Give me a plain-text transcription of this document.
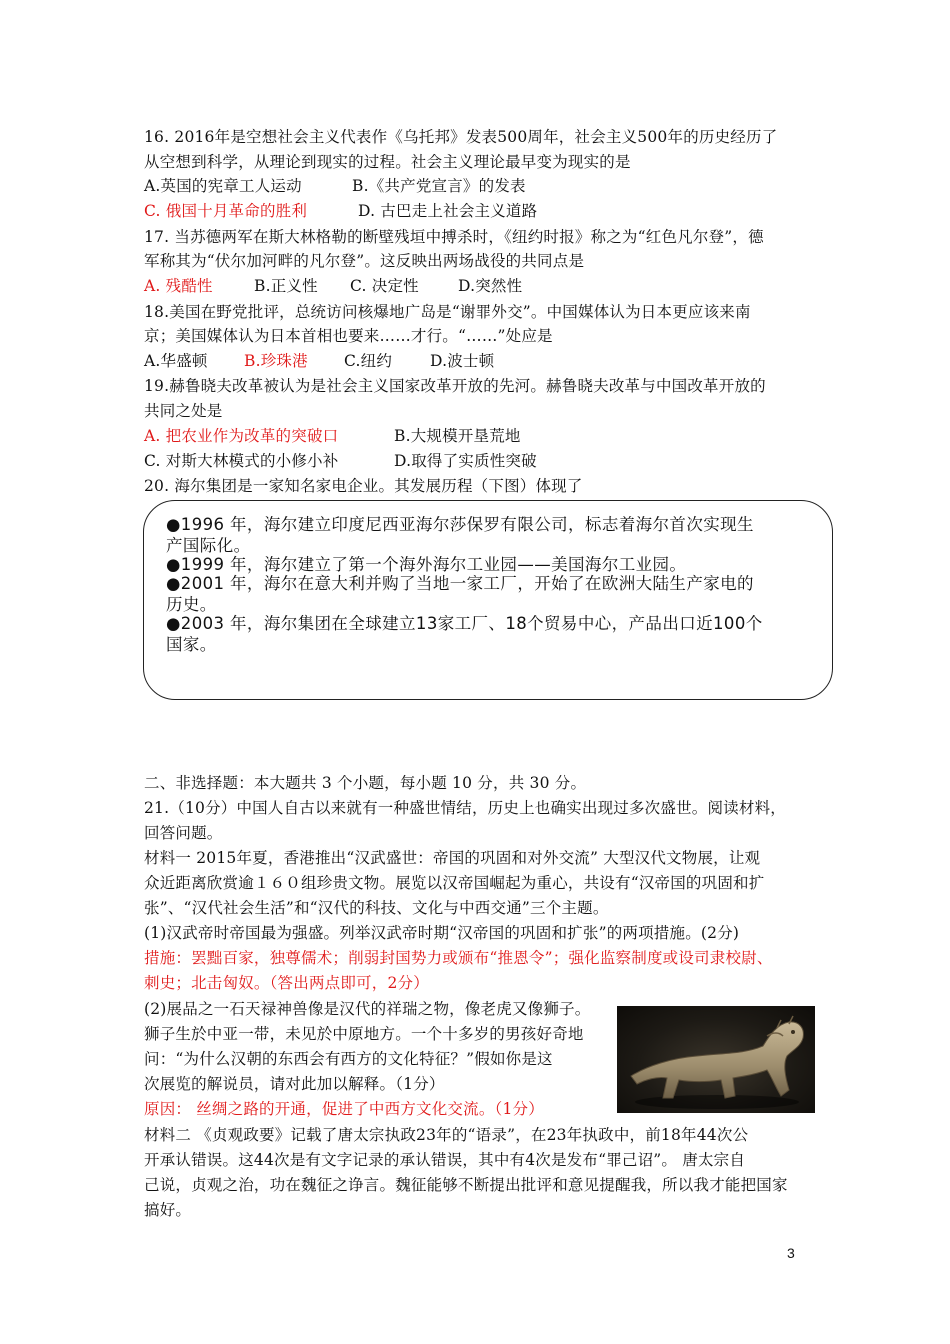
16. 2016年是空想社会主义代表作《乌托邦》发表500周年，社会主义500年的历史经历了
从空想到科学，从理论到现实的过程。社会主义理论最早变为现实的是
A.英国的宪章工人运动	B.《共产党宣言》的发表
C. 俄国十月革命的胜利	D. 古巴走上社会主义道路
17. 当苏德两军在斯大林格勒的断壁残垣中搏杀时，《纽约时报》称之为“红色凡尔登”，德
军称其为“伏尔加河畔的凡尔登”。这反映出两场战役的共同点是
A. 残酷性	B.正义性 C. 决定性	D.突然性
18.美国在野党批评，总统访问核爆地广岛是“谢罪外交”。中国媒体认为日本更应该来南
京；美国媒体认为日本首相也要来……才行。“……”处应是
A.华盛顿 B.珍珠港 C.纽约 D.波士顿
19.赫鲁晓夫改革被认为是社会主义国家改革开放的先河。赫鲁晓夫改革与中国改革开放的
共同之处是
A. 把农业作为改革的突破口	B.大规模开垦荒地
C. 对斯大林模式的小修小补	D.取得了实质性突破
20. 海尔集团是一家知名家电企业。其发展历程（下图）体现了
●1996 年，海尔建立印度尼西亚海尔莎保罗有限公司，标志着海尔首次实现生
产国际化。
●1999 年，海尔建立了第一个海外海尔工业园——美国海尔工业园。
●2001 年，海尔在意大利并购了当地一家工厂，开始了在欧洲大陆生产家电的
历史。
●2003 年，海尔集团在全球建立13家工厂、18个贸易中心，产品出口近100个
国家。
二、非选择题：本大题共 3 个小题，每小题 10 分，共 30 分。
21.（10分）中国人自古以来就有一种盛世情结，历史上也确实出现过多次盛世。阅读材料，
回答问题。
材料一 2015年夏，香港推出“汉武盛世：帝国的巩固和对外交流” 大型汉代文物展，让观
众近距离欣赏逾１６０组珍贵文物。展览以汉帝国崛起为重心，共设有“汉帝国的巩固和扩
张”、“汉代社会生活”和“汉代的科技、文化与中西交通”三个主题。
(1)汉武帝时帝国最为强盛。列举汉武帝时期“汉帝国的巩固和扩张”的两项措施。(2分)
措施：罢黜百家，独尊儒术；削弱封国势力或颁布“推恩令”；强化监察制度或设司隶校尉、
刺史；北击匈奴。（答出两点即可，2分）
(2)展品之一石天禄神兽像是汉代的祥瑞之物，像老虎又像狮子。
狮子生於中亚一带，未见於中原地方。一个十多岁的男孩好奇地
问：“为什么汉朝的东西会有西方的文化特征？”假如你是这
次展览的解说员，请对此加以解释。（1分）
原因： 丝绸之路的开通，促进了中西方文化交流。（1分）
材料二 《贞观政要》记载了唐太宗执政23年的“语录”，在23年执政中，前18年44次公
开承认错误。这44次是有文字记录的承认错误，其中有4次是发布“罪己诏”。 唐太宗自
己说，贞观之治，功在魏征之诤言。魏征能够不断提出批评和意见提醒我，所以我才能把国家
搞好。
3
